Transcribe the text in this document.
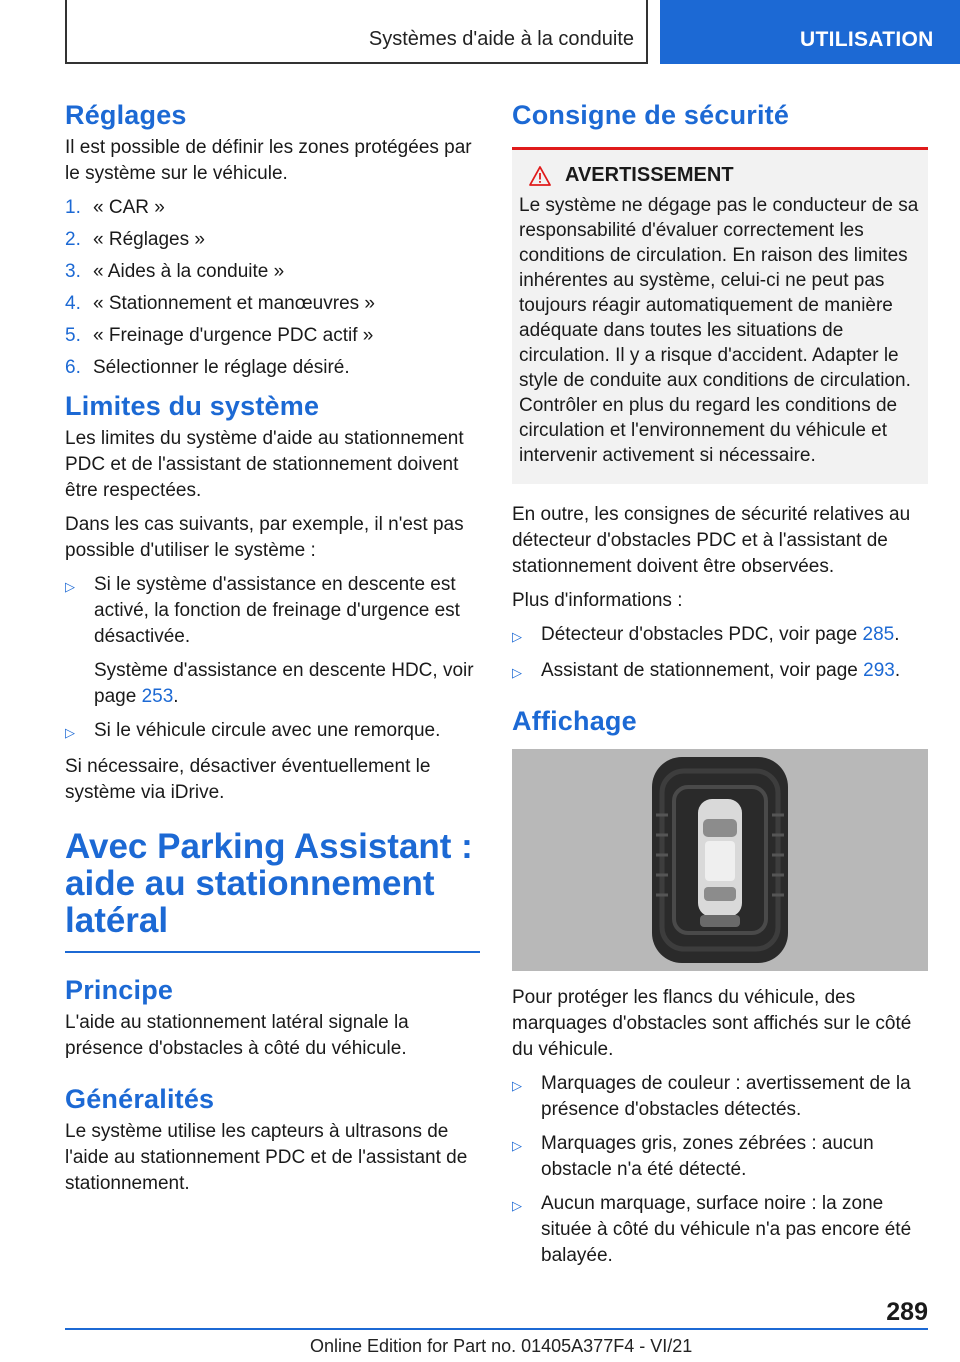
Systèmes d'aide à la conduite	UTILISATION
Réglages

Il est possible de définir les zones protégées par le système sur le véhicule.

1. « CAR »
2. « Réglages »
3. « Aides à la conduite »
4. « Stationnement et manœuvres »
5. « Freinage d'urgence PDC actif »
6. Sélectionner le réglage désiré.
Limites du système

Les limites du système d'aide au stationnement PDC et de l'assistant de stationnement doivent être respectées.

Dans les cas suivants, par exemple, il n'est pas possible d'utiliser le système :

▷	Si le système d'assistance en descente est activé, la fonction de freinage d'urgence est désactivée.
Système d'assistance en descente HDC, voir page 253.
▷	Si le véhicule circule avec une remorque.

Si nécessaire, désactiver éventuellement le système via iDrive.

Avec Parking Assistant :
aide au stationnement
latéral
Principe

L'aide au stationnement latéral signale la présence d'obstacles à côté du véhicule.

Généralités

Le système utilise les capteurs à ultrasons de l'aide au stationnement PDC et de l'assistant de stationnement.

Consigne de sécurité
AVERTISSEMENT

Le système ne dégage pas le conducteur de sa responsabilité d'évaluer correctement les conditions de circulation. En raison des limites inhérentes au système, celui-ci ne peut pas toujours réagir automatiquement de manière adéquate dans toutes les situations de circulation. Il y a risque d'accident. Adapter le style de conduite aux conditions de circulation. Contrôler en plus du regard les conditions de circulation et l'environnement du véhicule et intervenir activement si nécessaire.

En outre, les consignes de sécurité relatives au détecteur d'obstacles PDC et à l'assistant de stationnement doivent être observées.

Plus d'informations :

▷	Détecteur d'obstacles PDC, voir page 285.
▷	Assistant de stationnement, voir page 293.
Affichage

Pour protéger les flancs du véhicule, des marquages d'obstacles sont affichés sur le côté du véhicule.

▷	Marquages de couleur : avertissement de la présence d'obstacles détectés.
▷	Marquages gris, zones zébrées : aucun obstacle n'a été détecté.
▷	Aucun marquage, surface noire : la zone située à côté du véhicule n'a pas encore été balayée.
289
Online Edition for Part no. 01405A377F4 - VI/21
